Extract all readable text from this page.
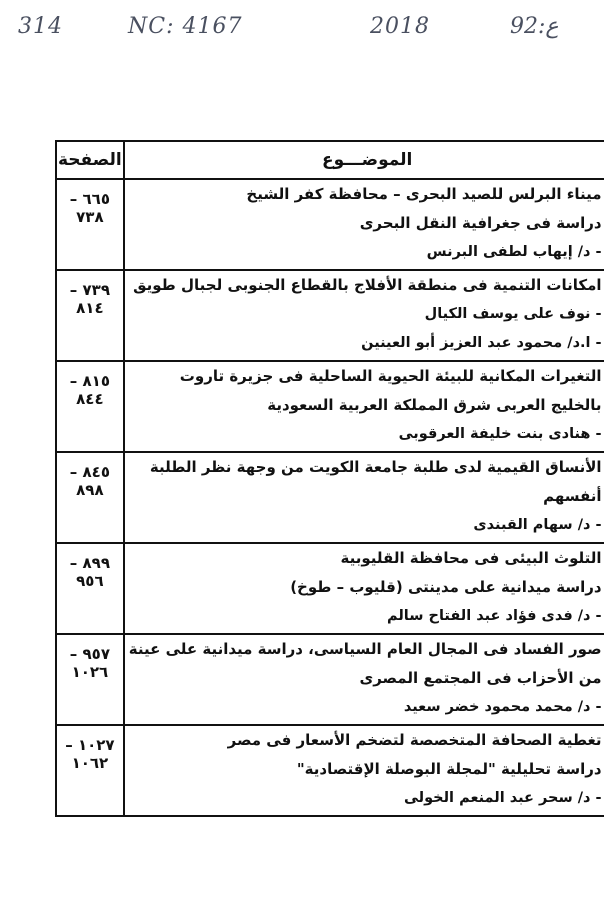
314	NC: 4167	2018	92:ع
الموضـــوع	الصفحة

ميناء البرلس للصيد البحرى – محافظة كفر الشيخ
دراسة فى جغرافية النقل البحرى
- د/ إيهاب لطفى البرنس	٦٦٥ – ٧٣٨

امكانات التنمية فى منطقة الأفلاج بالقطاع الجنوبى لجبال طويق
- نوف على يوسف الكيال
- ا.د/ محمود عبد العزيز أبو العينين	٧٣٩ – ٨١٤

التغيرات المكانية للبيئة الحيوية الساحلية فى جزيرة تاروت
بالخليج العربى شرق المملكة العربية السعودية
- هنادى بنت خليفة العرقوبى	٨١٥ – ٨٤٤

الأنساق القيمية لدى طلبة جامعة الكويت من وجهة نظر الطلبة
أنفسهم
- د/ سهام القبندى	٨٤٥ – ٨٩٨

التلوث البيئى فى محافظة القليوبية
دراسة ميدانية على مدينتى (قليوب – طوخ)
- د/ فدى فؤاد عبد الفتاح سالم	٨٩٩ – ٩٥٦

صور الفساد فى المجال العام السياسى، دراسة ميدانية على عينة
من الأحزاب فى المجتمع المصرى
- د/ محمد محمود خضر سعيد	٩٥٧ – ١٠٢٦

تغطية الصحافة المتخصصة لتضخم الأسعار فى مصر
دراسة تحليلية "لمجلة البوصلة الإقتصادية"
- د/ سحر عبد المنعم الخولى	١٠٢٧ – ١٠٦٢
